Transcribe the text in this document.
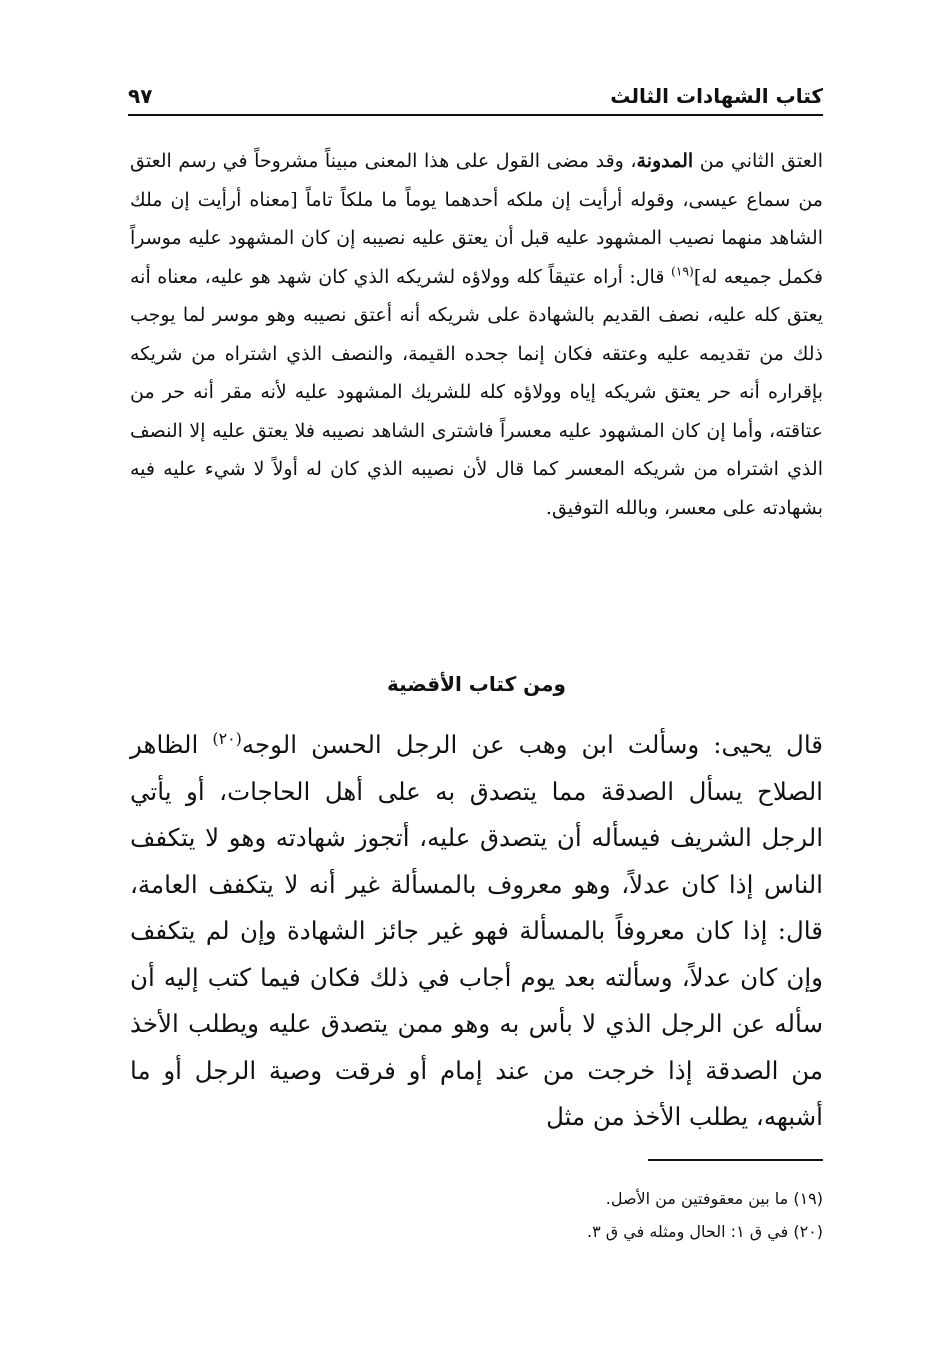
كتاب الشهادات الثالث
٩٧

العتق الثاني من المدونة، وقد مضى القول على هذا المعنى مبيناً مشروحاً في رسم العتق من سماع عيسى، وقوله أرأيت إن ملكه أحدهما يوماً ما ملكاً تاماً [معناه أرأيت إن ملك الشاهد منهما نصيب المشهود عليه قبل أن يعتق عليه نصيبه إن كان المشهود عليه موسراً فكمل جميعه له]$^{(١٩)}$ قال: أراه عتيقاً كله وولاؤه لشريكه الذي كان شهد هو عليه، معناه أنه يعتق كله عليه، نصف القديم بالشهادة على شريكه أنه أعتق نصيبه وهو موسر لما يوجب ذلك من تقديمه عليه وعتقه فكان إنما جحده القيمة، والنصف الذي اشتراه من شريكه بإقراره أنه حر يعتق شريكه إياه وولاؤه كله للشريك المشهود عليه لأنه مقر أنه حر من عتاقته، وأما إن كان المشهود عليه معسراً فاشترى الشاهد نصيبه فلا يعتق عليه إلا النصف الذي اشتراه من شريكه المعسر كما قال لأن نصيبه الذي كان له أولاً لا شيء عليه فيه بشهادته على معسر، وبالله التوفيق.

ومن كتاب الأقضية

قال يحيى: وسألت ابن وهب عن الرجل الحسن الوجه$^{(٢٠)}$ الظاهر الصلاح يسأل الصدقة مما يتصدق به على أهل الحاجات، أو يأتي الرجل الشريف فيسأله أن يتصدق عليه، أتجوز شهادته وهو لا يتكفف الناس إذا كان عدلاً، وهو معروف بالمسألة غير أنه لا يتكفف العامة، قال: إذا كان معروفاً بالمسألة فهو غير جائز الشهادة وإن لم يتكفف وإن كان عدلاً، وسألته بعد يوم أجاب في ذلك فكان فيما كتب إليه أن سأله عن الرجل الذي لا بأس به وهو ممن يتصدق عليه ويطلب الأخذ من الصدقة إذا خرجت من عند إمام أو فرقت وصية الرجل أو ما أشبهه، يطلب الأخذ من مثل

(١٩) ما بين معقوفتين من الأصل.
(٢٠) في ق ١: الحال ومثله في ق ٣.
